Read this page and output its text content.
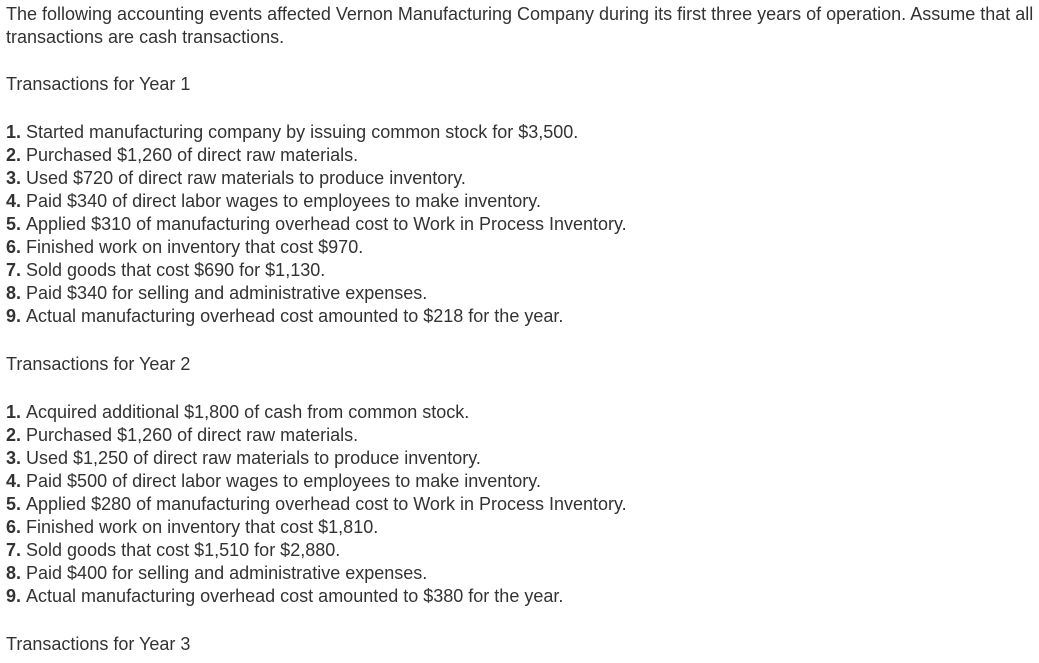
The following accounting events affected Vernon Manufacturing Company during its first three years of operation. Assume that all
transactions are cash transactions.
Transactions for Year 1
1. Started manufacturing company by issuing common stock for $3,500.
2. Purchased $1,260 of direct raw materials.
3. Used $720 of direct raw materials to produce inventory.
4. Paid $340 of direct labor wages to employees to make inventory.
5. Applied $310 of manufacturing overhead cost to Work in Process Inventory.
6. Finished work on inventory that cost $970.
7. Sold goods that cost $690 for $1,130.
8. Paid $340 for selling and administrative expenses.
9. Actual manufacturing overhead cost amounted to $218 for the year.
Transactions for Year 2
1. Acquired additional $1,800 of cash from common stock.
2. Purchased $1,260 of direct raw materials.
3. Used $1,250 of direct raw materials to produce inventory.
4. Paid $500 of direct labor wages to employees to make inventory.
5. Applied $280 of manufacturing overhead cost to Work in Process Inventory.
6. Finished work on inventory that cost $1,810.
7. Sold goods that cost $1,510 for $2,880.
8. Paid $400 for selling and administrative expenses.
9. Actual manufacturing overhead cost amounted to $380 for the year.
Transactions for Year 3
